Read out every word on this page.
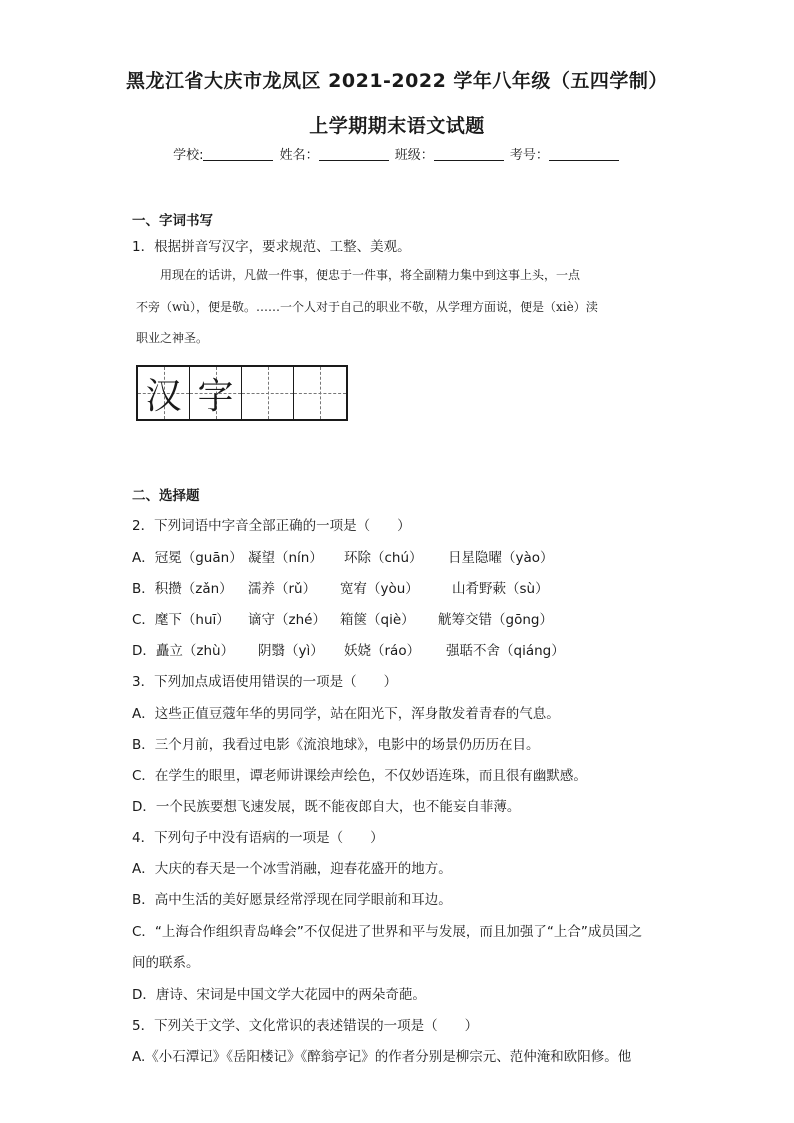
黑龙江省大庆市龙凤区 2021-2022 学年八年级（五四学制）
上学期期末语文试题
学校:	姓名：	班级：	考号：
一、字词书写
1．根据拼音写汉字，要求规范、工整、美观。
用现在的话讲，凡做一件事，便忠于一件事，将全副精力集中到这事上头，一点
不旁（wù），便是敬。……一个人对于自己的职业不敬，从学理方面说，便是（xiè）渎
职业之神圣。
汉 字
二、选择题
2．下列词语中字音全部正确的一项是（　　）
A．冠冕（guān） 凝望（nín） 环除（chú） 日星隐曜（yào）
B．积攒（zǎn） 濡养（rǔ） 宽宥（yòu） 山肴野蔌（sù）
C．麾下（huī） 谪守（zhé） 箱箧（qiè） 觥筹交错（gōng）
D．矗立（zhù） 阴翳（yì） 妖娆（ráo） 强聒不舍（qiáng）
3．下列加点成语使用错误的一项是（　　）
A．这些正值豆蔻年华的男同学，站在阳光下，浑身散发着青春的气息。
B．三个月前，我看过电影《流浪地球》，电影中的场景仍历历在目。
C．在学生的眼里，谭老师讲课绘声绘色，不仅妙语连珠，而且很有幽默感。
D．一个民族要想飞速发展，既不能夜郎自大，也不能妄自菲薄。
4．下列句子中没有语病的一项是（　　）
A．大庆的春天是一个冰雪消融，迎春花盛开的地方。
B．高中生活的美好愿景经常浮现在同学眼前和耳边。
C．“上海合作组织青岛峰会”不仅促进了世界和平与发展，而且加强了“上合”成员国之
间的联系。
D．唐诗、宋词是中国文学大花园中的两朵奇葩。
5．下列关于文学、文化常识的表述错误的一项是（　　）
A.《小石潭记》《岳阳楼记》《醉翁亭记》的作者分别是柳宗元、范仲淹和欧阳修。他
